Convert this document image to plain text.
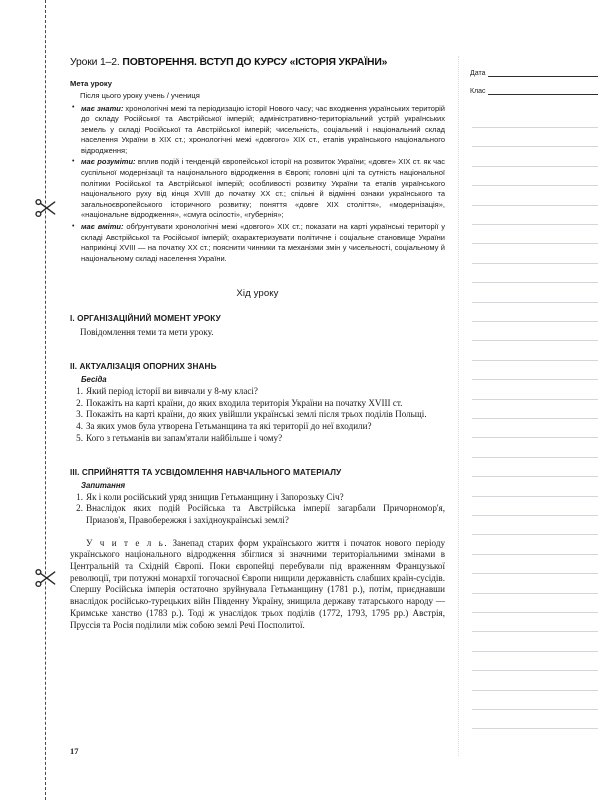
Уроки 1–2. ПОВТОРЕННЯ. ВСТУП ДО КУРСУ «ІСТОРІЯ УКРАЇНИ»
Мета уроку
Після цього уроку учень / учениця
• має знати: хронологічні межі та періодизацію історії Нового часу; час входження українських територій до складу Російської та Австрійської імперій; адміністративно-територіальний устрій українських земель у складі Російської та Австрійської імперій; чисельність, соціальний і національний склад населення України в XIX ст.; хронологічні межі «довгого» XIX ст., етапів українського національного відродження;
• має розуміти: вплив подій і тенденцій європейської історії на розвиток України; «довге» XIX ст. як час суспільної модернізації та національного відродження в Європі; головні цілі та сутність національної політики Російської та Австрійської імперій; особливості розвитку України та етапів українського національного руху від кінця XVIII до початку XX ст.; спільні й відмінні ознаки українського та загальноєвропейського історичного розвитку; поняття «довге XIX століття», «модернізація», «національне відродження», «смуга осілості», «губернія»;
• має вміти: обґрунтувати хронологічні межі «довгого» XIX ст.; показати на карті українські території у складі Австрійської та Російської імперій; охарактеризувати політичне і соціальне становище України наприкінці XVIII — на початку XX ст.; пояснити чинники та механізми змін у чисельності, соціальному й національному складі населення України.
Хід уроку
I. ОРГАНІЗАЦІЙНИЙ МОМЕНТ УРОКУ
Повідомлення теми та мети уроку.
II. АКТУАЛІЗАЦІЯ ОПОРНИХ ЗНАНЬ
Бесіда
Який період історії ви вивчали у 8-му класі?
Покажіть на карті країни, до яких входила територія України на початку XVIII ст.
Покажіть на карті країни, до яких увійшли українські землі після трьох поділів Польщі.
За яких умов була утворена Гетьманщина та які території до неї входили?
Кого з гетьманів ви запам'ятали найбільше і чому?
III. СПРИЙНЯТТЯ ТА УСВІДОМЛЕННЯ НАВЧАЛЬНОГО МАТЕРІАЛУ
Запитання
Як і коли російський уряд знищив Гетьманщину і Запорозьку Січ?
Внаслідок яких подій Російська та Австрійська імперії загарбали Причорномор'я, Приазов'я, Правобережжя і західноукраїнські землі?

У ч и т е л ь. Занепад старих форм українського життя і початок нового періоду українського національного відродження збіглися зі значними територіальними змінами в Центральній та Східній Європі. Поки європейці перебували під враженням Французької революції, три потужні монархії тогочасної Європи нищили державність слабших країн-сусідів. Спершу Російська імперія остаточно зруйнувала Гетьманщину (1781 р.), потім, приєднавши внаслідок російсько-турецьких війн Південну Україну, знищила державу татарського народу — Кримське ханство (1783 р.). Тоді ж унаслідок трьох поділів (1772, 1793, 1795 рр.) Австрія, Пруссія та Росія поділили між собою землі Речі Посполитої.

17
Дата
Клас
